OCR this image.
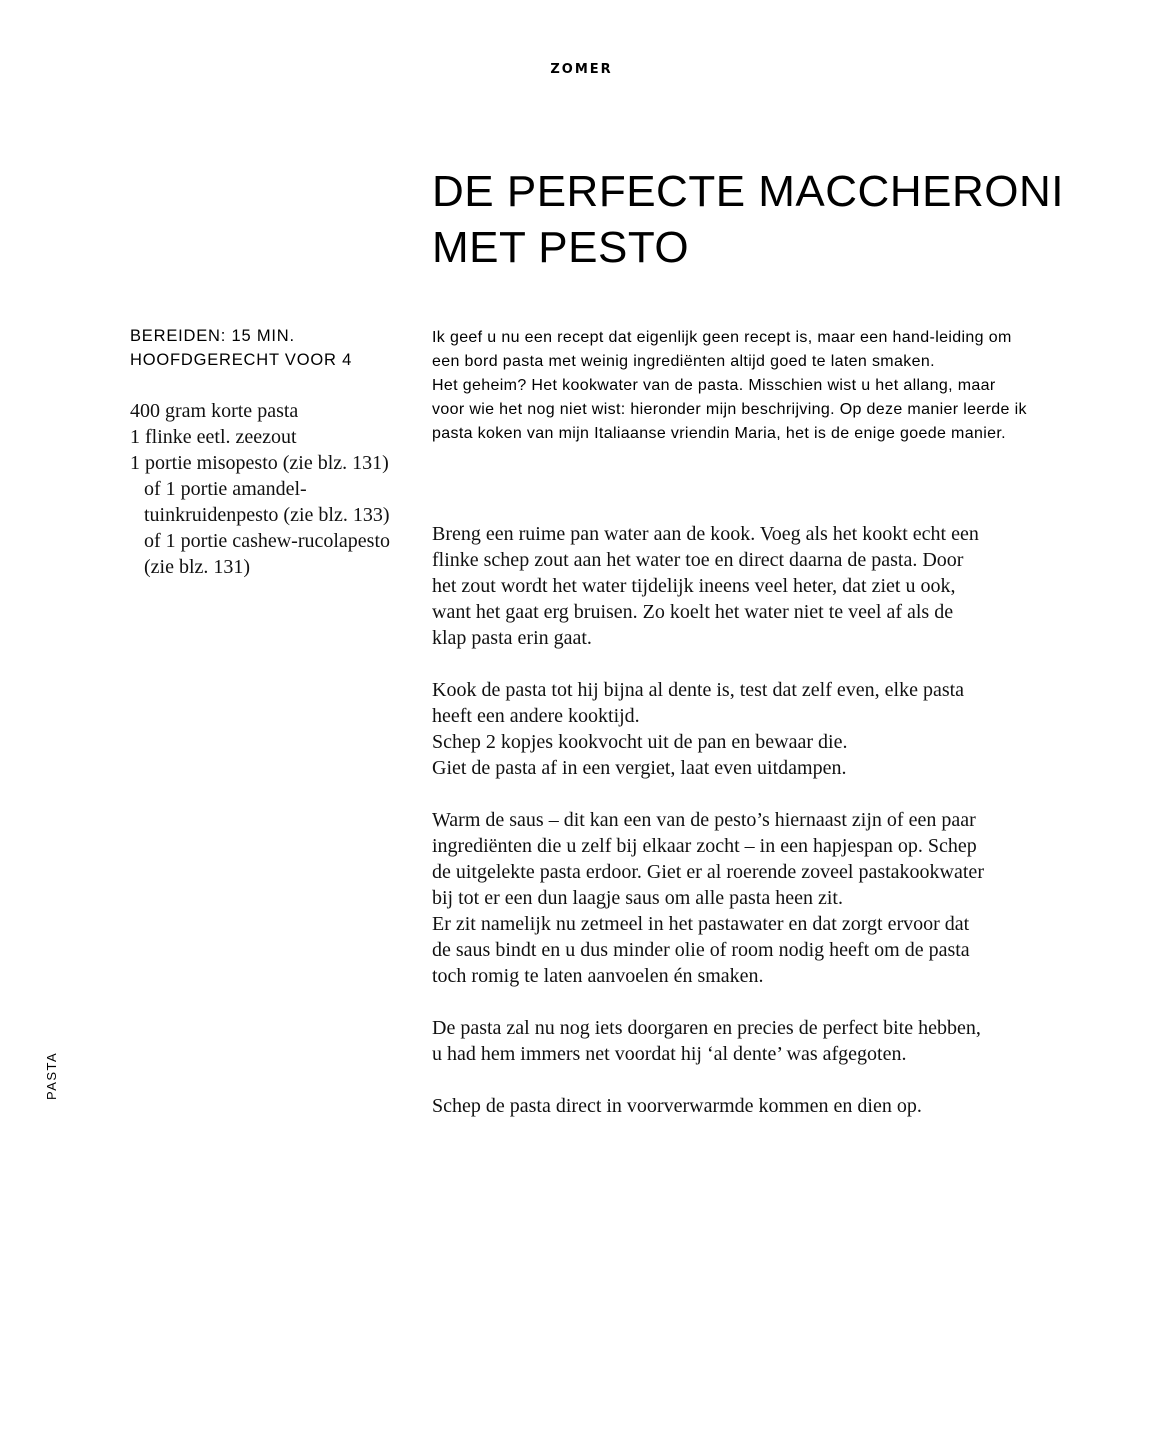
ZOMER
DE PERFECTE MACCHERONI
MET PESTO
BEREIDEN: 15 MIN.
HOOFDGERECHT VOOR 4
400 gram korte pasta
1 flinke eetl. zeezout
1 portie misopesto (zie blz. 131) of 1 portie amandel-tuinkruidenpesto (zie blz. 133) of 1 portie cashew-rucolapesto (zie blz. 131)

Ik geef u nu een recept dat eigenlijk geen recept is, maar een hand-leiding om een bord pasta met weinig ingrediënten altijd goed te laten smaken.

Het geheim? Het kookwater van de pasta. Misschien wist u het allang, maar voor wie het nog niet wist: hieronder mijn beschrijving. Op deze manier leerde ik pasta koken van mijn Italiaanse vriendin Maria, het is de enige goede manier.

Breng een ruime pan water aan de kook. Voeg als het kookt echt een
flinke schep zout aan het water toe en direct daarna de pasta. Door
het zout wordt het water tijdelijk ineens veel heter, dat ziet u ook,
want het gaat erg bruisen. Zo koelt het water niet te veel af als de
klap pasta erin gaat.
Kook de pasta tot hij bijna al dente is, test dat zelf even, elke pasta
heeft een andere kooktijd.
Schep 2 kopjes kookvocht uit de pan en bewaar die.
Giet de pasta af in een vergiet, laat even uitdampen.
Warm de saus – dit kan een van de pesto’s hiernaast zijn of een paar
ingrediënten die u zelf bij elkaar zocht – in een hapjespan op. Schep
de uitgelekte pasta erdoor. Giet er al roerende zoveel pastakookwater
bij tot er een dun laagje saus om alle pasta heen zit.
Er zit namelijk nu zetmeel in het pastawater en dat zorgt ervoor dat
de saus bindt en u dus minder olie of room nodig heeft om de pasta
toch romig te laten aanvoelen én smaken.
De pasta zal nu nog iets doorgaren en precies de perfect bite hebben,
u had hem immers net voordat hij ‘al dente’ was afgegoten.
Schep de pasta direct in voorverwarmde kommen en dien op.
PASTA
